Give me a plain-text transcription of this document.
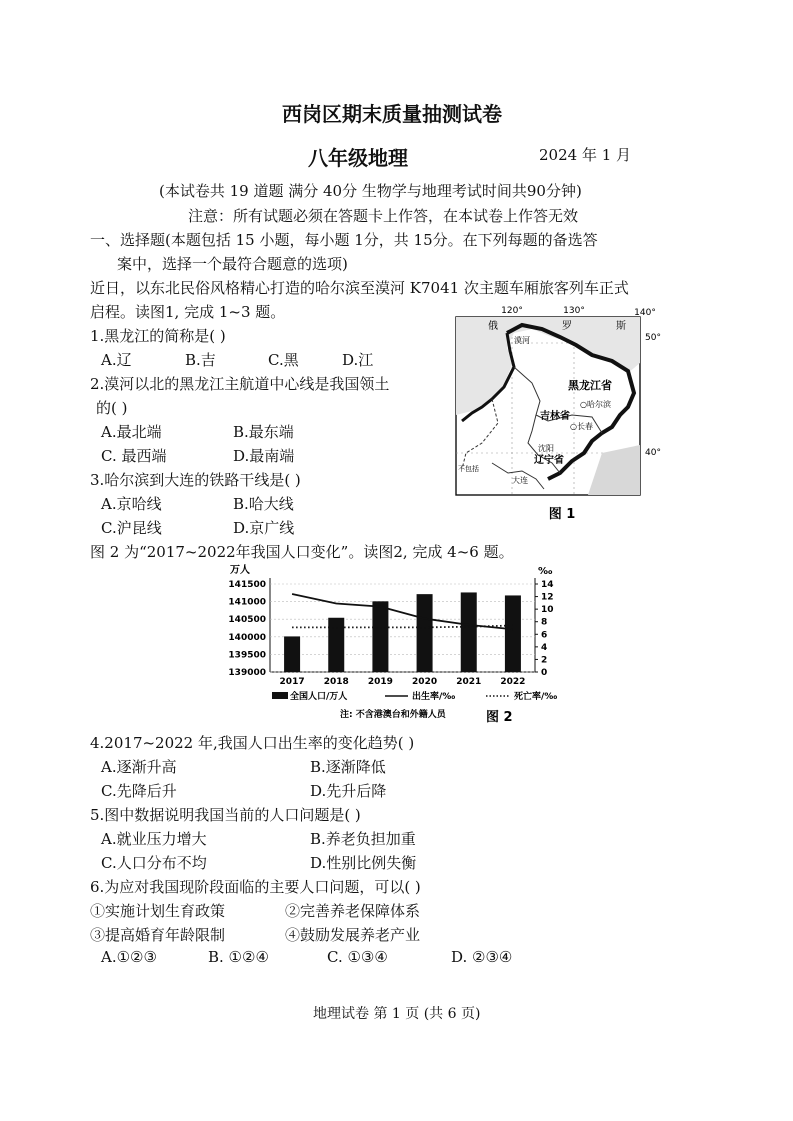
西岗区期末质量抽测试卷
八年级地理	2024 年 1 月
(本试卷共 19 道题 满分 40分 生物学与地理考试时间共90分钟)
注意：所有试题必须在答题卡上作答，在本试卷上作答无效
一、选择题(本题包括 15 小题，每小题 1分，共 15分。在下列每题的备选答
案中，选择一个最符合题意的选项)
近日，以东北民俗风格精心打造的哈尔滨至漠河 K7041 次主题车厢旅客列车正式
启程。读图1, 完成 1~3 题。
1.黑龙江的简称是( )
A.辽	B.吉	C.黑	D.江
2.漠河以北的黑龙江主航道中心线是我国领土
的( )
A.最北端	B.最东端
C. 最西端	D.最南端
3.哈尔滨到大连的铁路干线是( )
A.京哈线	B.哈大线
C.沪昆线	D.京广线
120°	130°	140°
50°
40°
俄	罗	斯
漠河
黑龙江省
○哈尔滨
吉林省
○长春
沈阳
辽宁省
大连
不包括
图 1
图 2 为“2017~2022年我国人口变化”。读图2, 完成 4~6 题。
万人	‰
141500
141000
140500
140000
139500
139000
14
12
10
8
6
4
2
0
2017 2018 2019 2020 2021 2022
全国人口/万人	出生率/‰	死亡率/‰
注: 不含港澳台和外籍人员	图 2
4.2017~2022 年,我国人口出生率的变化趋势( )
A.逐渐升高	B.逐渐降低
C.先降后升	D.先升后降
5.图中数据说明我国当前的人口问题是( )
A.就业压力增大	B.养老负担加重
C.人口分布不均	D.性别比例失衡
6.为应对我国现阶段面临的主要人口问题，可以( )
①实施计划生育政策	②完善养老保障体系
③提高婚育年龄限制	④鼓励发展养老产业
A.①②③	B. ①②④	C. ①③④	D. ②③④
地理试卷 第 1 页 (共 6 页)
